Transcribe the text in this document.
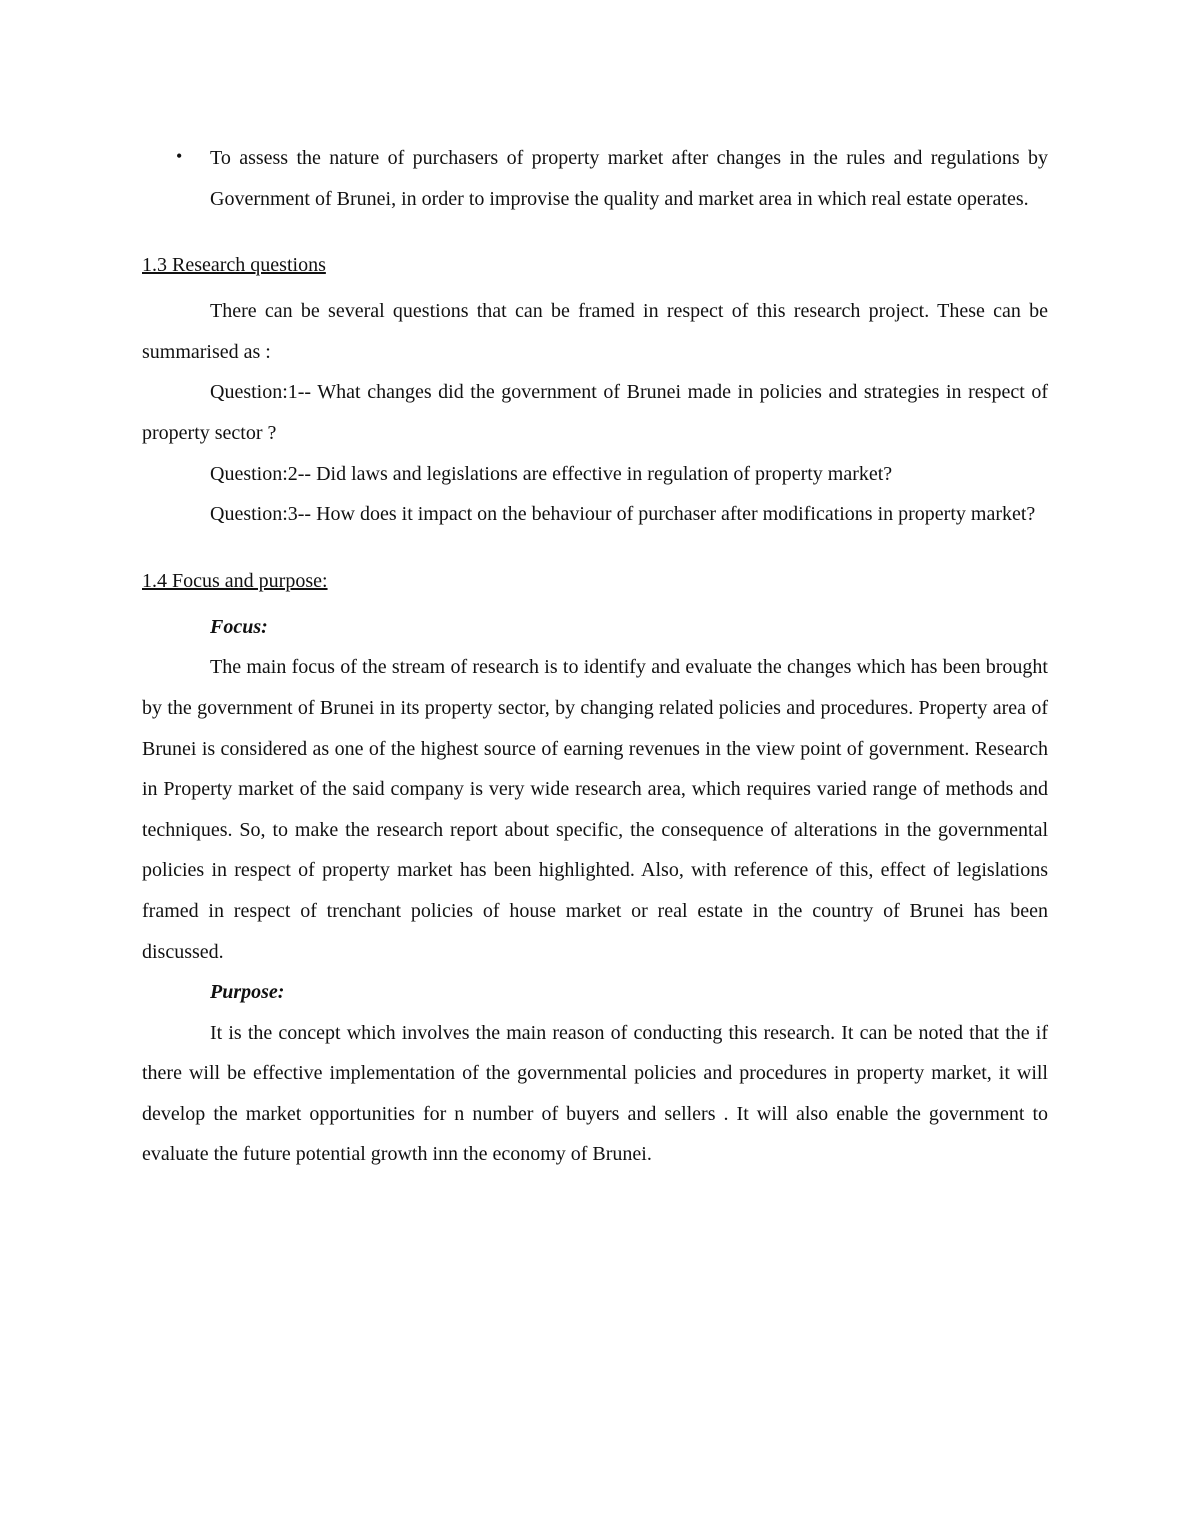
• To assess the nature of purchasers of property market after changes in the rules and regulations by Government of Brunei, in order to improvise the quality and market area in which real estate operates.
1.3 Research questions

There can be several questions that can be framed in respect of this research project. These can be summarised as :

Question:1-- What changes did the government of Brunei made in policies and strategies in respect of property sector ?

Question:2-- Did laws and legislations are effective in regulation of property market?

Question:3-- How does it impact on the behaviour of purchaser after modifications in property market?

1.4 Focus and purpose:

Focus:

The main focus of the stream of research is to identify and evaluate the changes which has been brought by the government of Brunei in its property sector, by changing related policies and procedures. Property area of Brunei is considered as one of the highest source of earning revenues in the view point of government. Research in Property market of the said company is very wide research area, which requires varied range of methods and techniques. So, to make the research report about specific, the consequence of alterations in the governmental policies in respect of property market has been highlighted. Also, with reference of this, effect of legislations framed in respect of trenchant policies of house market or real estate in the country of Brunei has been discussed.

Purpose:

It is the concept which involves the main reason of conducting this research. It can be noted that the if there will be effective implementation of the governmental policies and procedures in property market, it will develop the market opportunities for n number of buyers and sellers . It will also enable the government to evaluate the future potential growth inn the economy of Brunei.
